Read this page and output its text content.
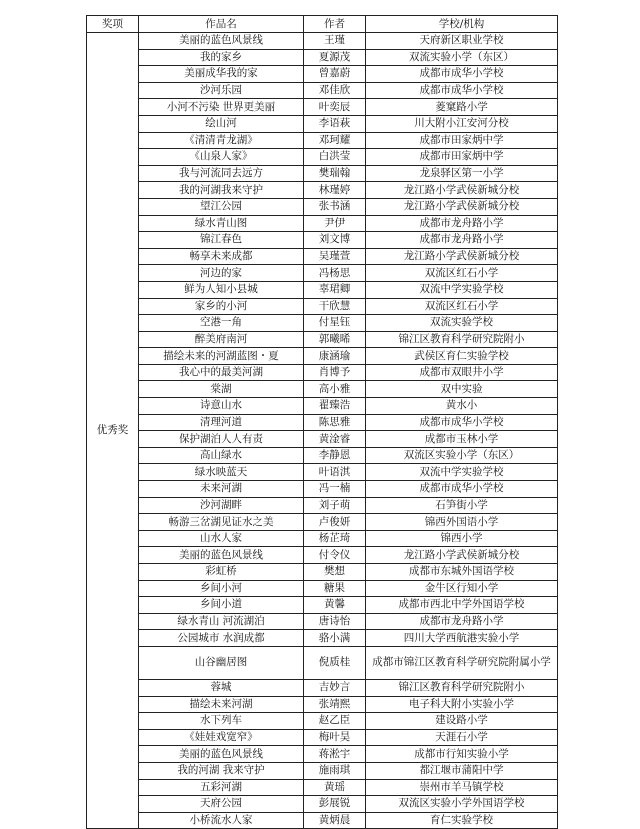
奖项	作品名	作者	学校/机构
优秀奖	美丽的蓝色风景线	王瑾	天府新区职业学校
	我的家乡	夏源茂	双流实验小学（东区）
	美丽成华我的家	曾嘉蔚	成都市成华小学校
	沙河乐园	邓佳欣	成都市成华小学校
	小河不污染 世界更美丽	叶奕辰	菱窠路小学
	绘山河	李语萩	川大附小江安河分校
	《清清青龙湖》	邓珂耀	成都市田家炳中学
	《山泉人家》	白洪莹	成都市田家炳中学
	我与河流同去远方	樊瑞翰	龙泉驿区第一小学
	我的河湖我来守护	林瑾婷	龙江路小学武侯新城分校
	望江公园	张书涵	龙江路小学武侯新城分校
	绿水青山图	尹伊	成都市龙舟路小学
	锦江春色	刘文博	成都市龙舟路小学
	畅享未来成都	吴瑾萱	龙江路小学武侯新城分校
	河边的家	冯杨思	双流区红石小学
	鲜为人知小县城	辜珺卿	双流中学实验学校
	家乡的小河	干欣慧	双流区红石小学
	空港一角	付星钰	双流实验学校
	醉美府南河	郭曦晞	锦江区教育科学研究院附小
	描绘未来的河湖蓝图・夏	康涵瑜	武侯区育仁实验学校
	我心中的最美河湖	肖博予	成都市双眼井小学
	棠湖	高小雅	双中实验
	诗意山水	翟臻浩	黄水小
	清理河道	陈思雅	成都市成华小学校
	保护湖泊人人有责	黄淦睿	成都市玉林小学
	高山绿水	李静恩	双流区实验小学（东区）
	绿水映蓝天	叶语淇	双流中学实验学校
	未来河湖	冯一楠	成都市成华小学校
	沙河湖畔	刘子萌	石笋街小学
	畅游三岔湖见证水之美	卢俊妍	锦西外国语小学
	山水人家	杨芷琦	锦西小学
	美丽的蓝色风景线	付令仪	龙江路小学武侯新城分校
	彩虹桥	樊想	成都市东城外国语学校
	乡间小河	糖果	金牛区行知小学
	乡间小道	黄馨	成都市西北中学外国语学校
	绿水青山 河流湖泊	唐诗怡	成都市龙舟路小学
	公园城市 水润成都	骆小满	四川大学西航港实验小学
	山谷幽居图	倪质桂	成都市锦江区教育科学研究院附属小学
	蓉城	吉妙言	锦江区教育科学研究院附小
	描绘未来河湖	张靖熙	电子科大附小实验小学
	水下列车	赵乙臣	建设路小学
	《娃娃戏宽窄》	梅叶昊	天涯石小学
	美丽的蓝色风景线	蒋淞宇	成都市行知实验小学
	我的河湖 我来守护	施雨琪	都江堰市蒲阳中学
	五彩河湖	黄瑶	崇州市羊马镇学校
	天府公园	彭展锐	双流区实验小学外国语学校
	小桥流水人家	黄炳晨	育仁实验学校
